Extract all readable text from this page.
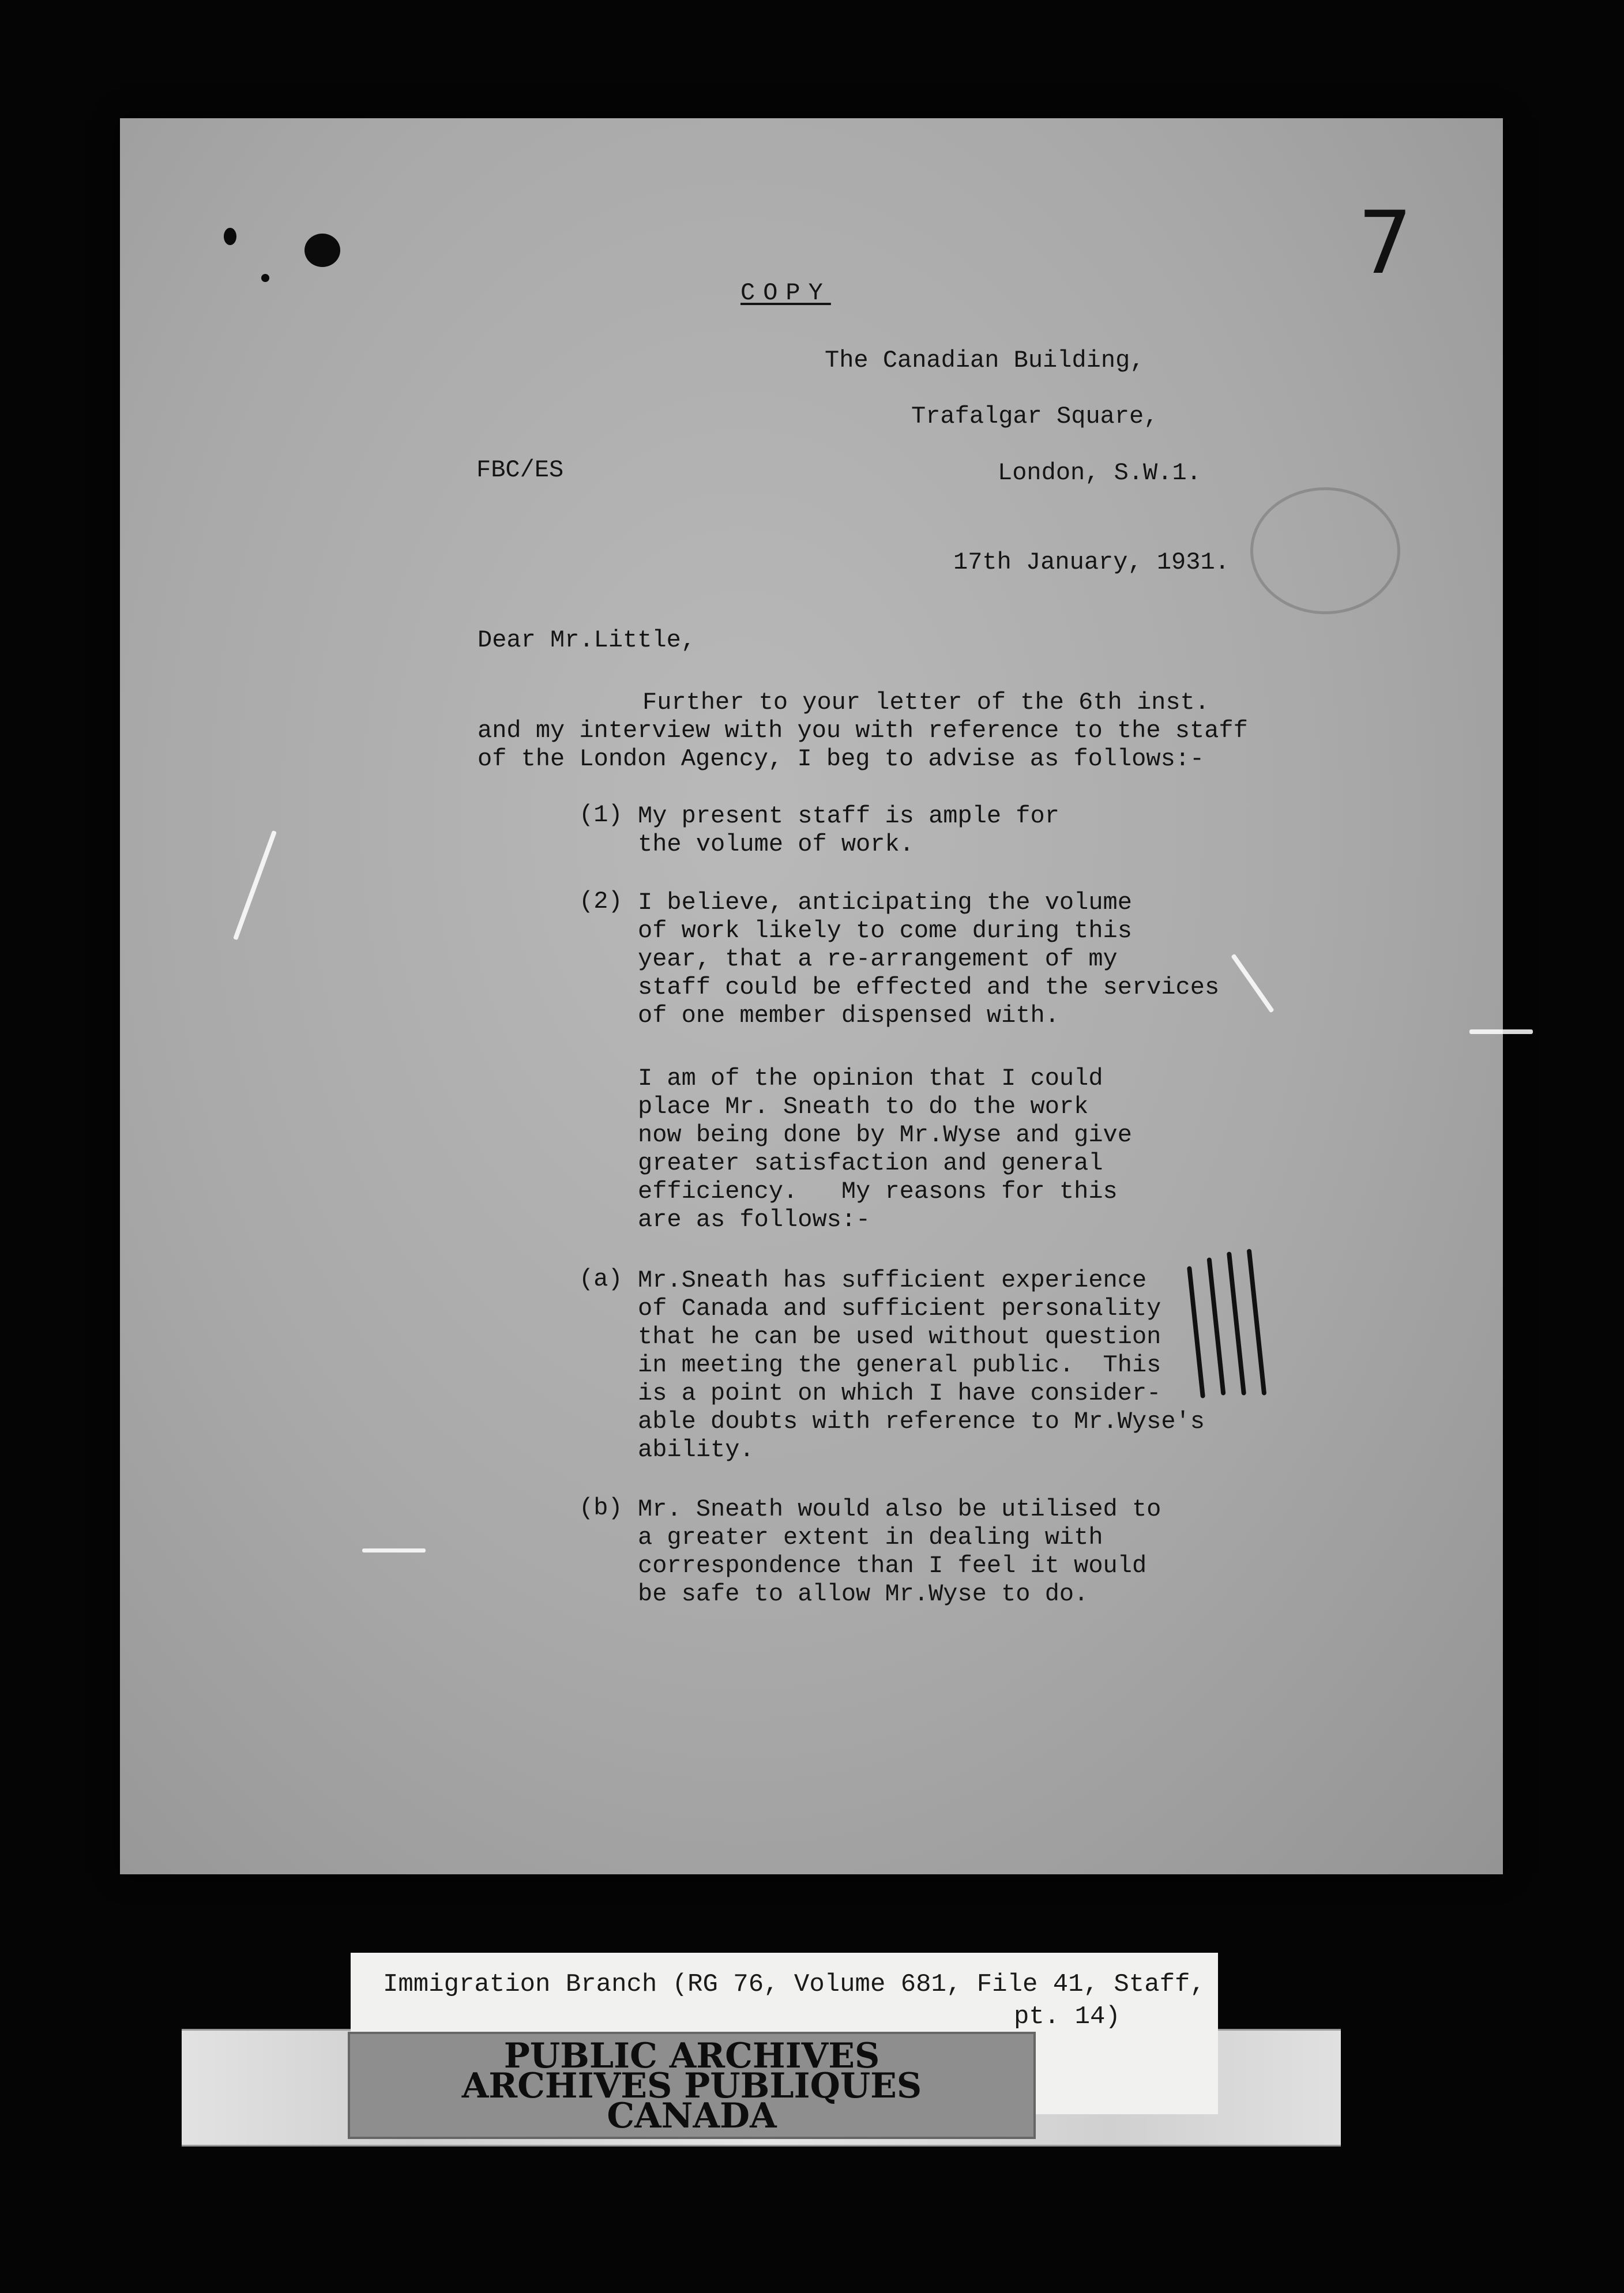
7
COPY
The Canadian Building,
Trafalgar Square,
FBC/ES	London, S.W.1.
17th January, 1931.
Dear Mr.Little,
Further to your letter of the 6th inst.
and my interview with you with reference to the staff
of the London Agency, I beg to advise as follows:-
(1) My present staff is ample for
the volume of work.
(2) I believe, anticipating the volume
of work likely to come during this
year, that a re-arrangement of my
staff could be effected and the services
of one member dispensed with.
I am of the opinion that I could
place Mr. Sneath to do the work
now being done by Mr.Wyse and give
greater satisfaction and general
efficiency.   My reasons for this
are as follows:-
(a) Mr.Sneath has sufficient experience
of Canada and sufficient personality
that he can be used without question
in meeting the general public.  This
is a point on which I have consider-
able doubts with reference to Mr.Wyse's
ability.
(b) Mr. Sneath would also be utilised to
a greater extent in dealing with
correspondence than I feel it would
be safe to allow Mr.Wyse to do.
Immigration Branch (RG 76, Volume 681, File 41, Staff,
pt. 14)
PUBLIC ARCHIVES
ARCHIVES PUBLIQUES
CANADA
